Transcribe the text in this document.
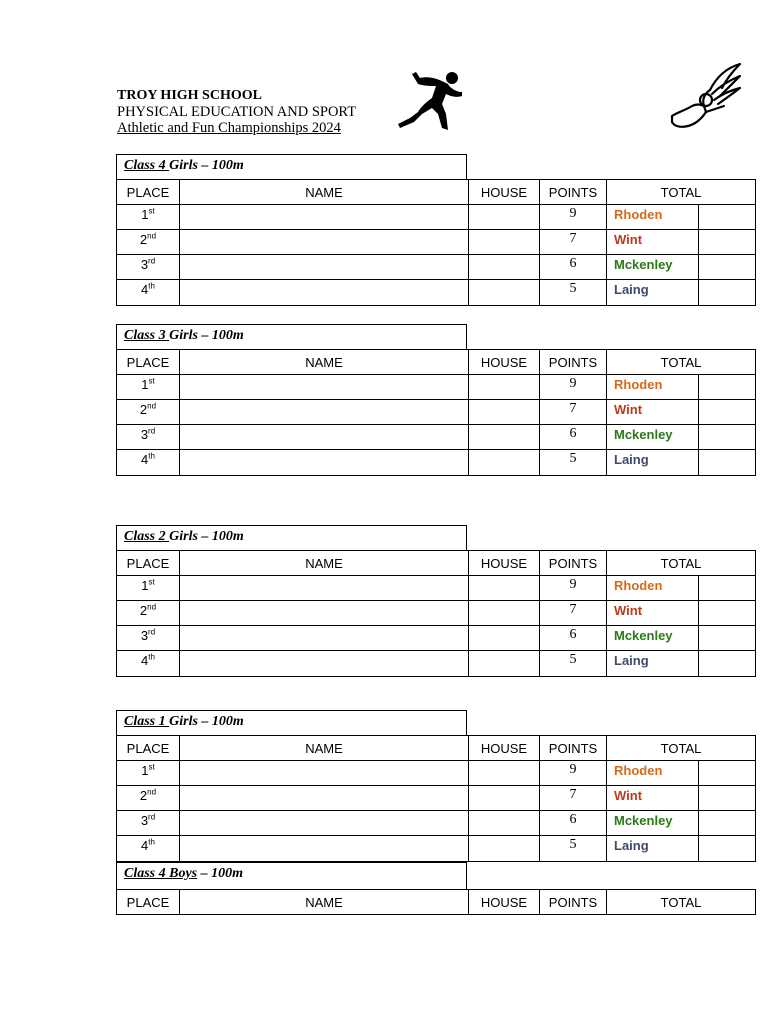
TROY HIGH SCHOOL
PHYSICAL EDUCATION AND SPORT
Athletic and Fun Championships 2024
Class 4 Girls – 100m
PLACE	NAME	HOUSE	POINTS	TOTAL	
1st			9	Rhoden	
2nd			7	Wint	
3rd			6	Mckenley	
4th			5	Laing	
Class 3 Girls – 100m
PLACE	NAME	HOUSE	POINTS	TOTAL	
1st			9	Rhoden	
2nd			7	Wint	
3rd			6	Mckenley	
4th			5	Laing	
Class 2 Girls – 100m
PLACE	NAME	HOUSE	POINTS	TOTAL	
1st			9	Rhoden	
2nd			7	Wint	
3rd			6	Mckenley	
4th			5	Laing	
Class 1 Girls – 100m
PLACE	NAME	HOUSE	POINTS	TOTAL	
1st			9	Rhoden	
2nd			7	Wint	
3rd			6	Mckenley	
4th			5	Laing	
Class 4 Boys – 100m
PLACE	NAME	HOUSE	POINTS	TOTAL
